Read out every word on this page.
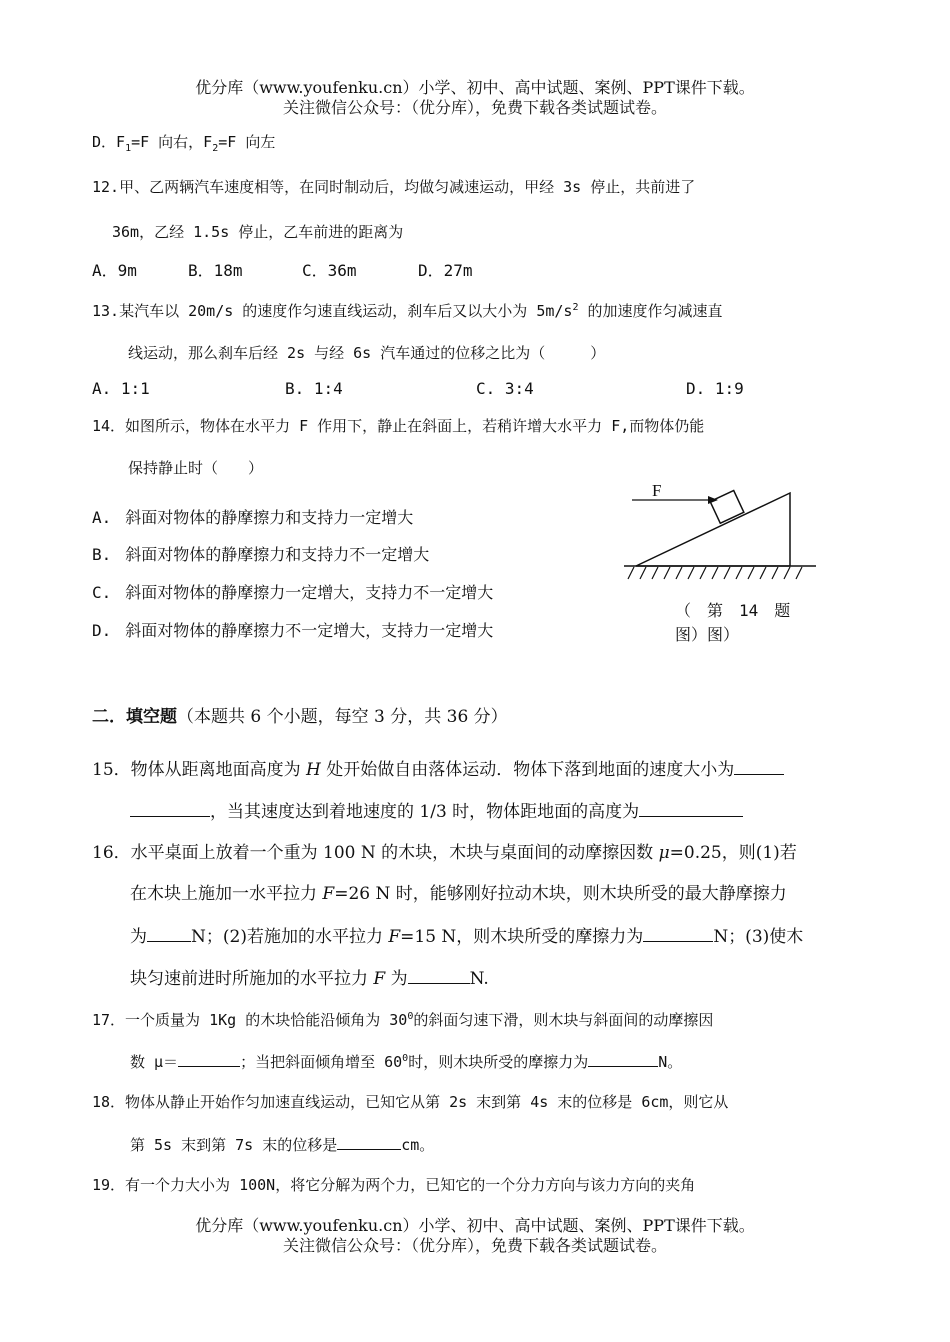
优分库（www.youfenku.cn）小学、初中、高中试题、案例、PPT课件下载。
关注微信公众号：（优分库），免费下载各类试题试卷。
D．$F_1=F$ 向右，$F_2=F$ 向左
12.甲、乙两辆汽车速度相等，在同时制动后，均做匀减速运动，甲经 3s 停止，共前进了
36m，乙经 1.5s 停止，乙车前进的距离为
A．9m	B．18m	C．36m	D．27m
13.某汽车以 20m/s 的速度作匀速直线运动，刹车后又以大小为 $5m/s^2$ 的加速度作匀减速直
线运动，那么刹车后经 2s 与经 6s 汽车通过的位移之比为（　　　）
A. 1:1	B. 1:4	C. 3:4	D. 1:9
14．如图所示，物体在水平力 F 作用下，静止在斜面上，若稍许增大水平力 F,而物体仍能
保持静止时（　　）
A. 斜面对物体的静摩擦力和支持力一定增大
B. 斜面对物体的静摩擦力和支持力不一定增大
C. 斜面对物体的静摩擦力一定增大，支持力不一定增大
D. 斜面对物体的静摩擦力不一定增大，支持力一定增大
F
（　第　14　题
图）图）
二．填空题（本题共 6 个小题，每空 3 分，共 36 分）
15．物体从距离地面高度为 H 处开始做自由落体运动．物体下落到地面的速度大小为
，当其速度达到着地速度的 1/3 时，物体距地面的高度为
16．水平桌面上放着一个重为 100 N 的木块，木块与桌面间的动摩擦因数 μ=0.25，则(1)若
在木块上施加一水平拉力 F=26 N 时，能够刚好拉动木块，则木块所受的最大静摩擦力
为	N；(2)若施加的水平拉力 F=15 N，则木块所受的摩擦力为	N；(3)使木
块匀速前进时所施加的水平拉力 F 为	N.
17．一个质量为 1Kg 的木块恰能沿倾角为 $30^0$的斜面匀速下滑，则木块与斜面间的动摩擦因
数 μ＝	；当把斜面倾角增至 $60^0$时，则木块所受的摩擦力为	N。
18．物体从静止开始作匀加速直线运动，已知它从第 2s 末到第 4s 末的位移是 6cm，则它从
第 5s 末到第 7s 末的位移是	cm。
19．有一个力大小为 100N，将它分解为两个力，已知它的一个分力方向与该力方向的夹角
优分库（www.youfenku.cn）小学、初中、高中试题、案例、PPT课件下载。
关注微信公众号：（优分库），免费下载各类试题试卷。
